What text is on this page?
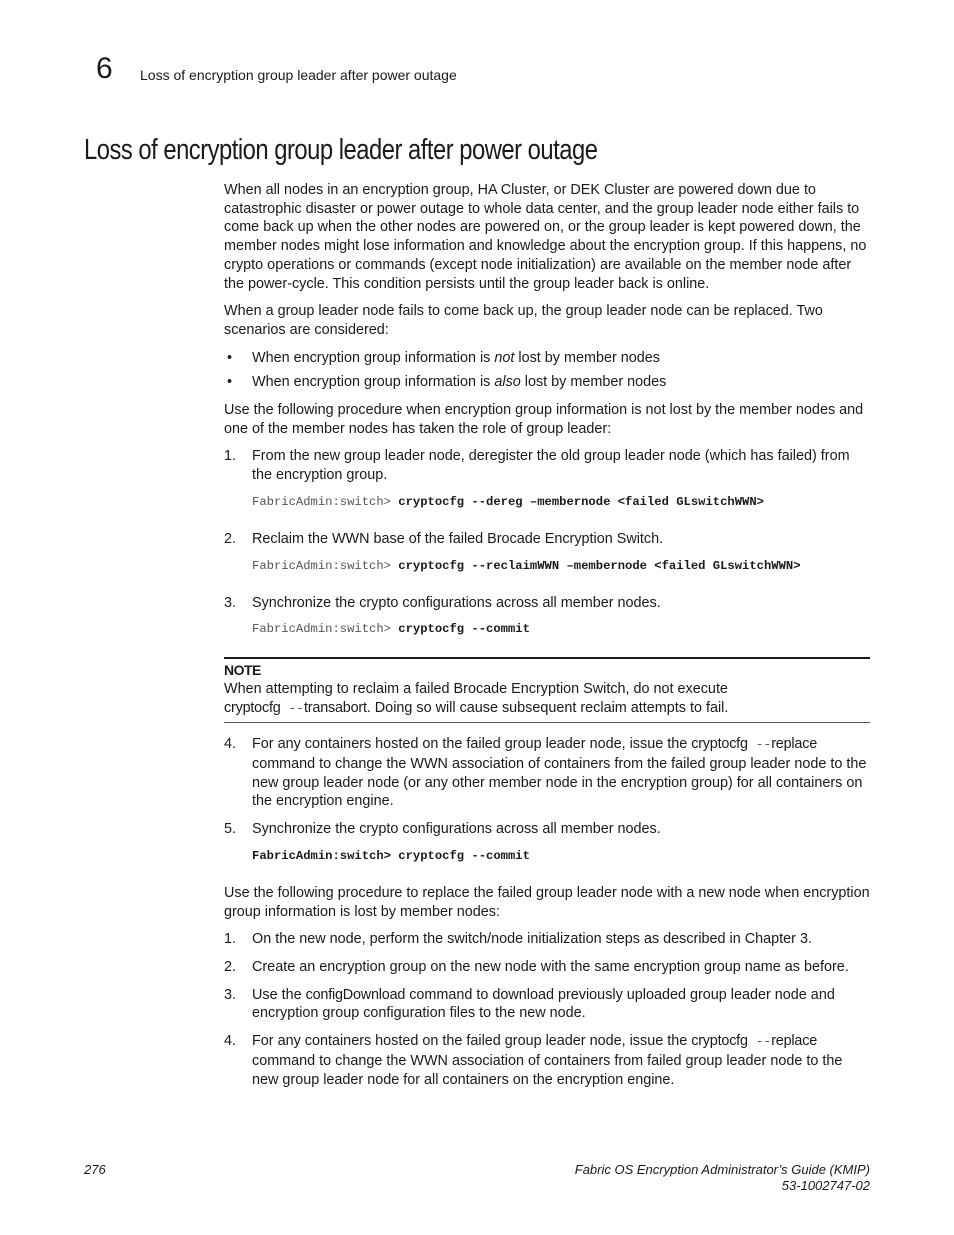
6 Loss of encryption group leader after power outage
Loss of encryption group leader after power outage

When all nodes in an encryption group, HA Cluster, or DEK Cluster are powered down due to catastrophic disaster or power outage to whole data center, and the group leader node either fails to come back up when the other nodes are powered on, or the group leader is kept powered down, the member nodes might lose information and knowledge about the encryption group. If this happens, no crypto operations or commands (except node initialization) are available on the member node after the power-cycle. This condition persists until the group leader back is online.

When a group leader node fails to come back up, the group leader node can be replaced. Two scenarios are considered:

•	When encryption group information is not lost by member nodes
•	When encryption group information is also lost by member nodes

Use the following procedure when encryption group information is not lost by the member nodes and one of the member nodes has taken the role of group leader:

1.	From the new group leader node, deregister the old group leader node (which has failed) from the encryption group.
FabricAdmin:switch> cryptocfg --dereg –membernode <failed GLswitchWWN>
2.	Reclaim the WWN base of the failed Brocade Encryption Switch.
FabricAdmin:switch> cryptocfg --reclaimWWN –membernode <failed GLswitchWWN>
3.	Synchronize the crypto configurations across all member nodes.
FabricAdmin:switch> cryptocfg --commit
NOTE
When attempting to reclaim a failed Brocade Encryption Switch, do not execute
cryptocfg --transabort. Doing so will cause subsequent reclaim attempts to fail.
4.	For any containers hosted on the failed group leader node, issue the cryptocfg --replace command to change the WWN association of containers from the failed group leader node to the new group leader node (or any other member node in the encryption group) for all containers on the encryption engine.
5.	Synchronize the crypto configurations across all member nodes.
FabricAdmin:switch> cryptocfg --commit

Use the following procedure to replace the failed group leader node with a new node when encryption group information is lost by member nodes:

1.	On the new node, perform the switch/node initialization steps as described in Chapter 3.
2.	Create an encryption group on the new node with the same encryption group name as before.
3.	Use the configDownload command to download previously uploaded group leader node and encryption group configuration files to the new node.
4.	For any containers hosted on the failed group leader node, issue the cryptocfg --replace command to change the WWN association of containers from failed group leader node to the new group leader node for all containers on the encryption engine.
276	Fabric OS Encryption Administrator’s Guide (KMIP)
53-1002747-02
